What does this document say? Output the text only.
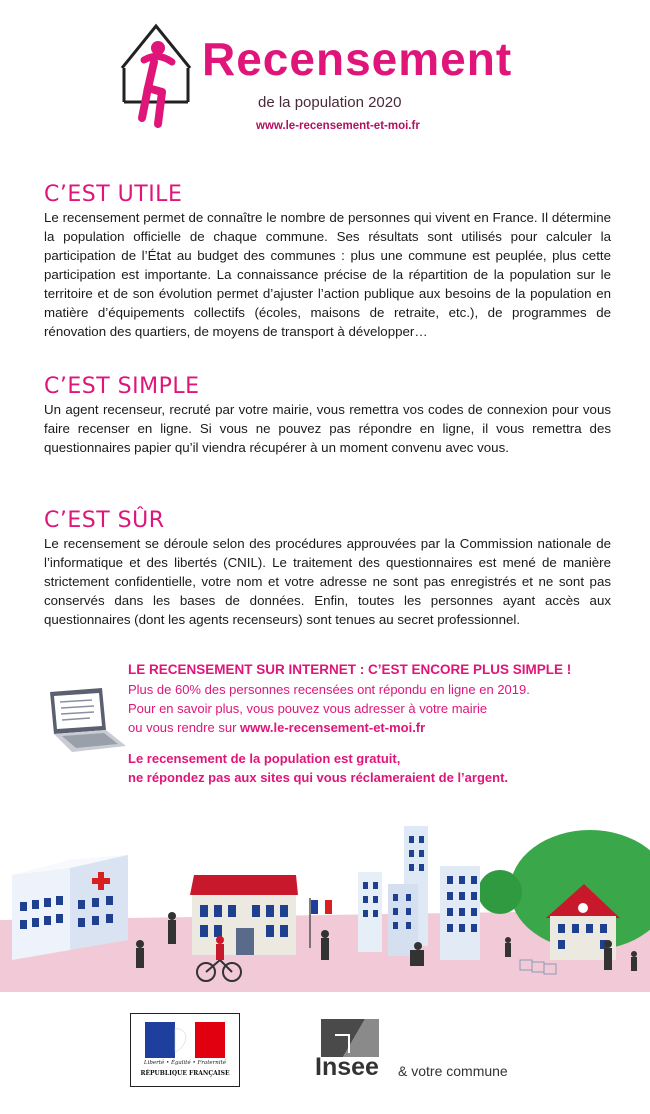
Recensement
de la population 2020
www.le-recensement-et-moi.fr
C’EST UTILE

Le recensement permet de connaître le nombre de personnes qui vivent en France. Il détermine la population officielle de chaque commune. Ses résultats sont utilisés pour calculer la participation de l’État au budget des communes : plus une commune est peuplée, plus cette participation est importante. La connaissance précise de la répartition de la population sur le territoire et de son évolution permet d’ajuster l’action publique aux besoins de la population en matière d’équipements collectifs (écoles, maisons de retraite, etc.), de programmes de rénovation des quartiers, de moyens de transport à développer…

C’EST SIMPLE

Un agent recenseur, recruté par votre mairie, vous remettra vos codes de connexion pour vous faire recenser en ligne. Si vous ne pouvez pas répondre en ligne, il vous remettra des questionnaires papier qu’il viendra récupérer à un moment convenu avec vous.

C’EST SÛR

Le recensement se déroule selon des procédures approuvées par la Commission nationale de l’informatique et des libertés (CNIL). Le traitement des questionnaires est mené de manière strictement confidentielle, votre nom et votre adresse ne sont pas enregistrés et ne sont pas conservés dans les bases de données. Enfin, toutes les personnes ayant accès aux questionnaires (dont les agents recenseurs) sont tenues au secret professionnel.

LE RECENSEMENT SUR INTERNET : C’EST ENCORE PLUS SIMPLE !
Plus de 60% des personnes recensées ont répondu en ligne en 2019.
Pour en savoir plus, vous pouvez vous adresser à votre mairie
ou vous rendre sur www.le-recensement-et-moi.fr
Le recensement de la population est gratuit,
ne répondez pas aux sites qui vous réclameraient de l’argent.
Liberté • Égalité • Fraternité
RÉPUBLIQUE FRANÇAISE	Insee & votre commune
